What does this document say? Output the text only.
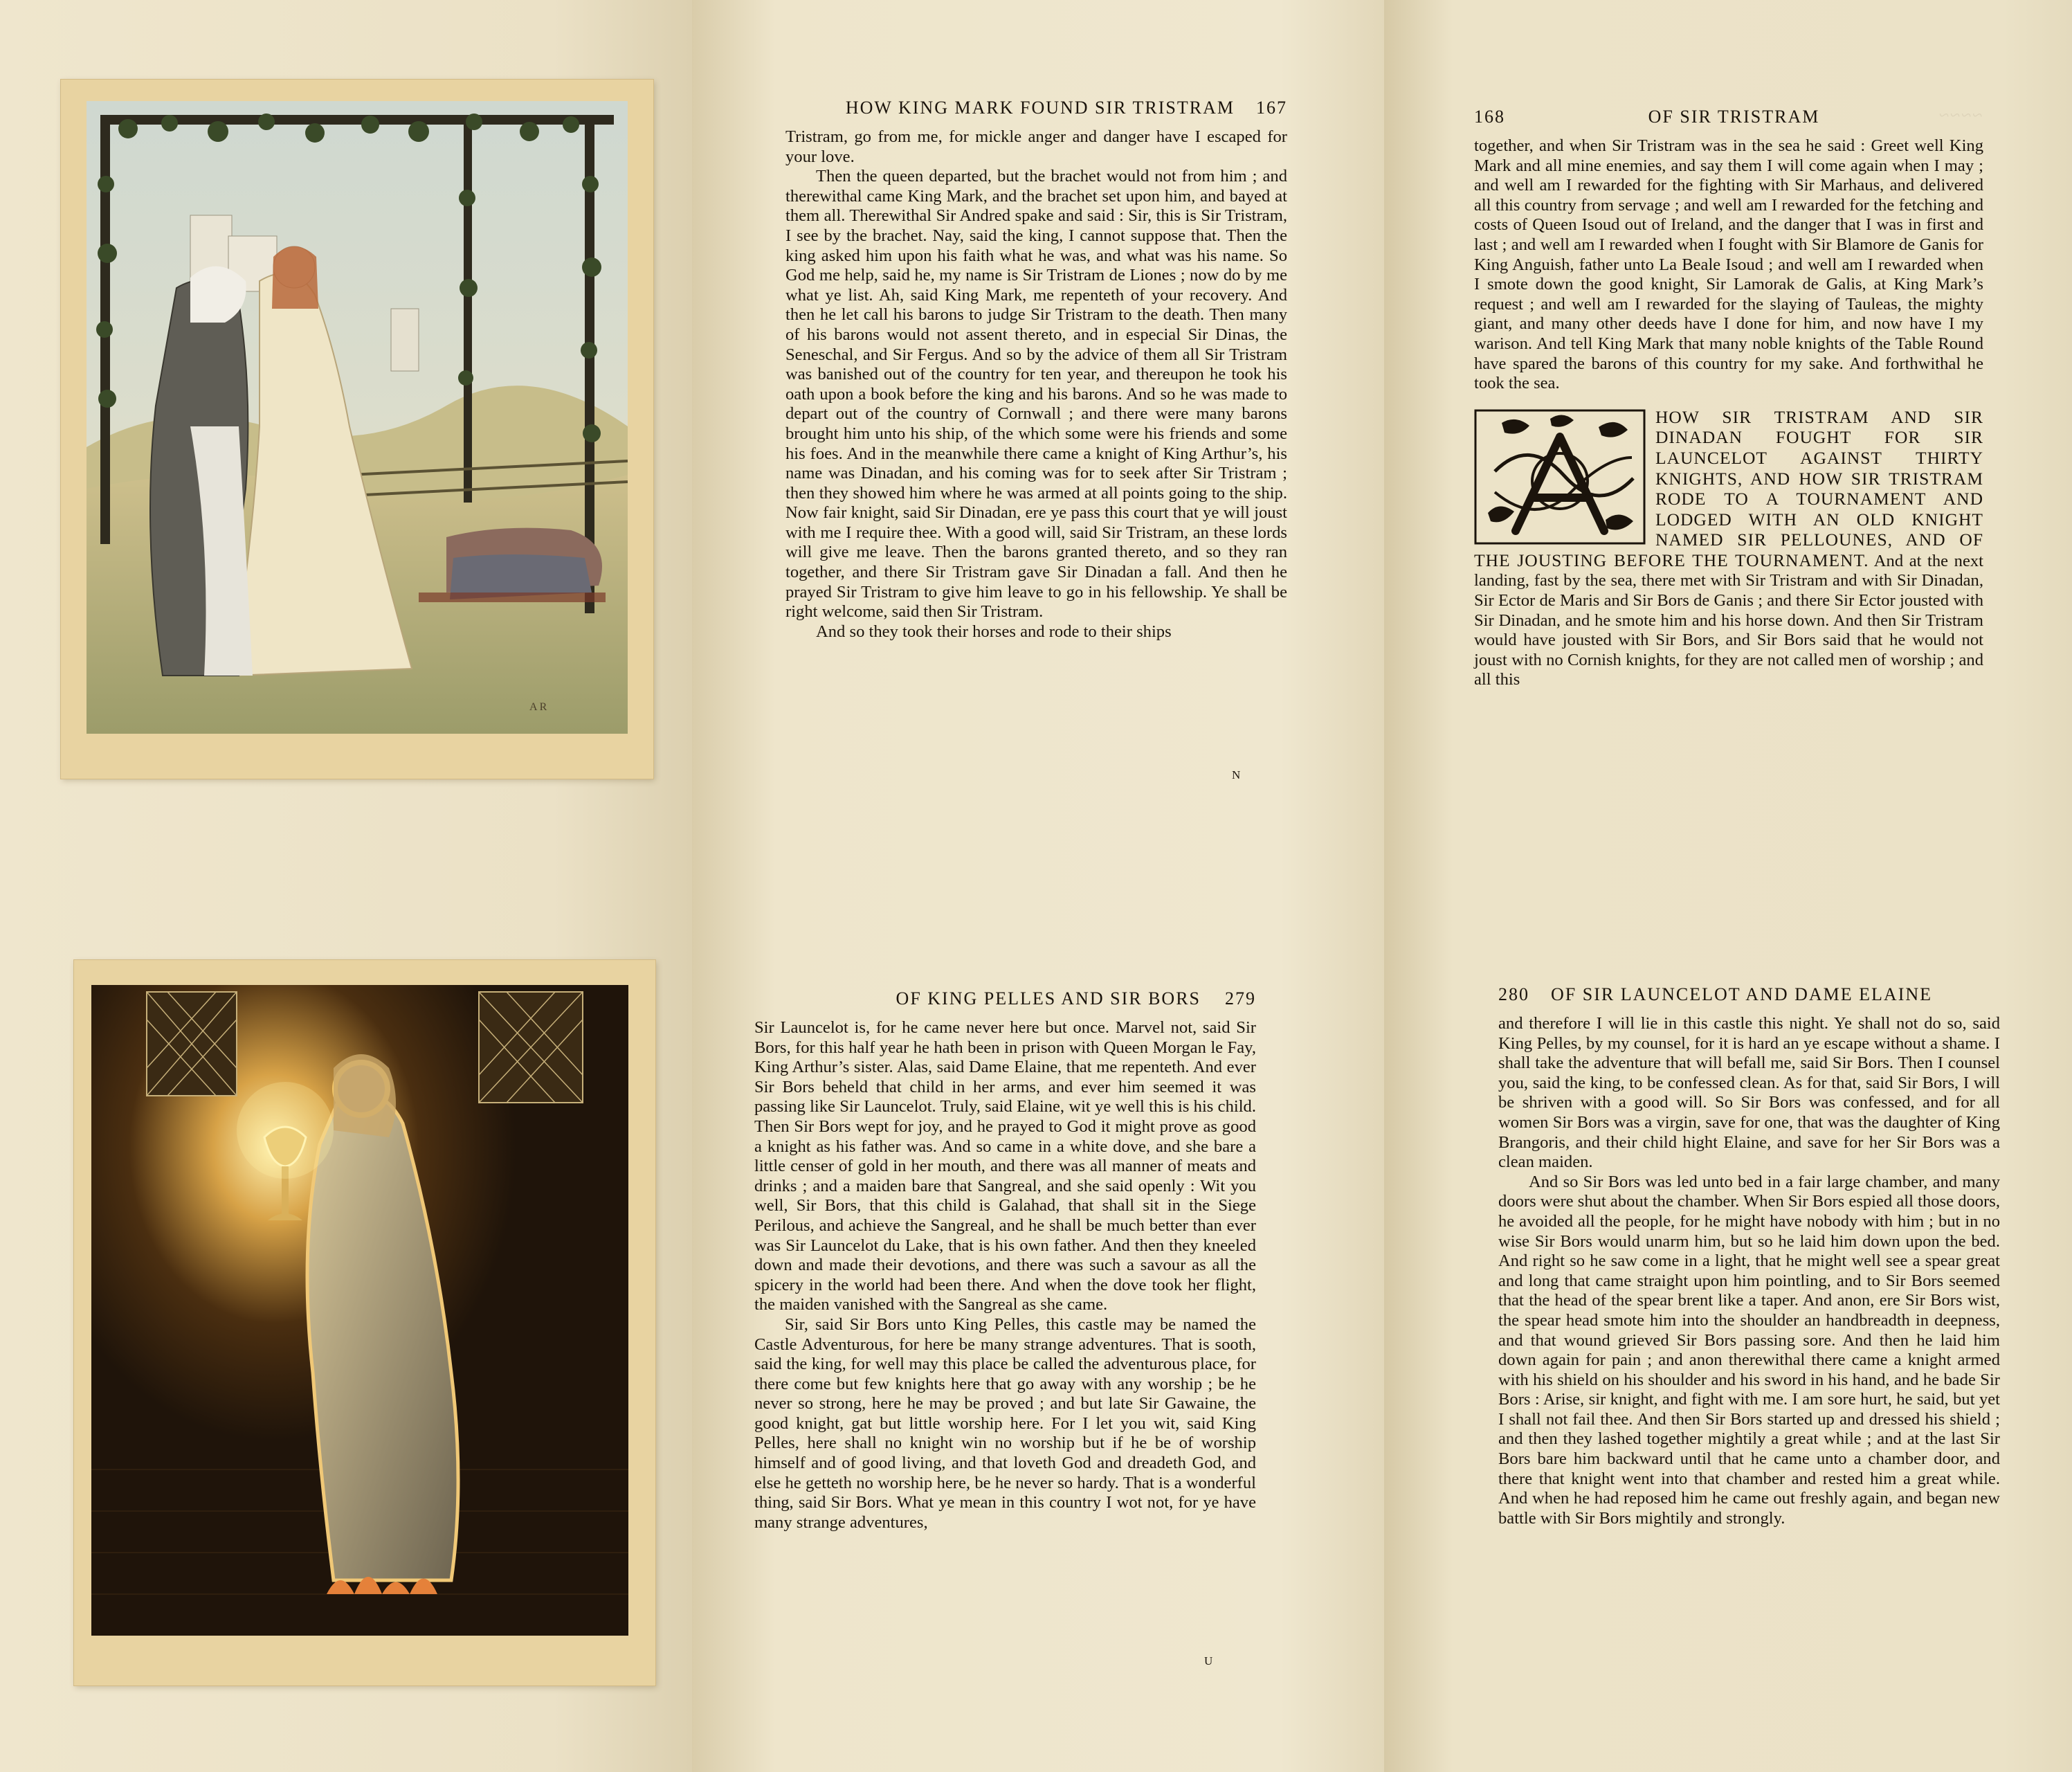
A R
HOW KING MARK FOUND SIR TRISTRAM 167

Tristram, go from me, for mickle anger and danger have I escaped for your love.

Then the queen departed, but the brachet would not from him ; and therewithal came King Mark, and the brachet set upon him, and bayed at them all. Therewithal Sir Andred spake and said : Sir, this is Sir Tristram, I see by the brachet. Nay, said the king, I cannot suppose that. Then the king asked him upon his faith what he was, and what was his name. So God me help, said he, my name is Sir Tristram de Liones ; now do by me what ye list. Ah, said King Mark, me repenteth of your recovery. And then he let call his barons to judge Sir Tristram to the death. Then many of his barons would not assent thereto, and in especial Sir Dinas, the Seneschal, and Sir Fergus. And so by the advice of them all Sir Tristram was banished out of the country for ten year, and thereupon he took his oath upon a book before the king and his barons. And so he was made to depart out of the country of Cornwall ; and there were many barons brought him unto his ship, of the which some were his friends and some his foes. And in the meanwhile there came a knight of King Arthur’s, his name was Dinadan, and his coming was for to seek after Sir Tristram ; then they showed him where he was armed at all points going to the ship. Now fair knight, said Sir Dinadan, ere ye pass this court that ye will joust with me I require thee. With a good will, said Sir Tristram, an these lords will give me leave. Then the barons granted thereto, and so they ran together, and there Sir Tristram gave Sir Dinadan a fall. And then he prayed Sir Tristram to give him leave to go in his fellowship. Ye shall be right welcome, said then Sir Tristram.

And so they took their horses and rode to their ships

N
168	OF SIR TRISTRAM

together, and when Sir Tristram was in the sea he said : Greet well King Mark and all mine enemies, and say them I will come again when I may ; and well am I rewarded for the fighting with Sir Marhaus, and delivered all this country from servage ; and well am I rewarded for the fetching and costs of Queen Isoud out of Ireland, and the danger that I was in first and last ; and well am I rewarded when I fought with Sir Blamore de Ganis for King Anguish, father unto La Beale Isoud ; and well am I rewarded when I smote down the good knight, Sir Lamorak de Galis, at King Mark’s request ; and well am I rewarded for the slaying of Tauleas, the mighty giant, and many other deeds have I done for him, and now have I my warison. And tell King Mark that many noble knights of the Table Round have spared the barons of this country for my sake. And forthwithal he took the sea.

HOW SIR TRISTRAM AND SIR DINADAN FOUGHT FOR SIR LAUNCELOT AGAINST THIRTY KNIGHTS, AND HOW SIR TRISTRAM RODE TO A TOURNAMENT AND LODGED WITH AN OLD KNIGHT NAMED SIR PELLOUNES, AND OF THE JOUSTING BEFORE THE TOURNAMENT. And at the next landing, fast by the sea, there met with Sir Tristram and with Sir Dinadan, Sir Ector de Maris and Sir Bors de Ganis ; and there Sir Ector jousted with Sir Dinadan, and he smote him and his horse down. And then Sir Tristram would have jousted with Sir Bors, and Sir Bors said that he would not joust with no Cornish knights, for they are not called men of worship ; and all this
~~~~
OF KING PELLES AND SIR BORS 279

Sir Launcelot is, for he came never here but once. Marvel not, said Sir Bors, for this half year he hath been in prison with Queen Morgan le Fay, King Arthur’s sister. Alas, said Dame Elaine, that me repenteth. And ever Sir Bors beheld that child in her arms, and ever him seemed it was passing like Sir Launcelot. Truly, said Elaine, wit ye well this is his child. Then Sir Bors wept for joy, and he prayed to God it might prove as good a knight as his father was. And so came in a white dove, and she bare a little censer of gold in her mouth, and there was all manner of meats and drinks ; and a maiden bare that Sangreal, and she said openly : Wit you well, Sir Bors, that this child is Galahad, that shall sit in the Siege Perilous, and achieve the Sangreal, and he shall be much better than ever was Sir Launcelot du Lake, that is his own father. And then they kneeled down and made their devotions, and there was such a savour as all the spicery in the world had been there. And when the dove took her flight, the maiden vanished with the Sangreal as she came.

Sir, said Sir Bors unto King Pelles, this castle may be named the Castle Adventurous, for here be many strange adventures. That is sooth, said the king, for well may this place be called the adventurous place, for there come but few knights here that go away with any worship ; be he never so strong, here he may be proved ; and but late Sir Gawaine, the good knight, gat but little worship here. For I let you wit, said King Pelles, here shall no knight win no worship but if he be of worship himself and of good living, and that loveth God and dreadeth God, and else he getteth no worship here, be he never so hardy. That is a wonderful thing, said Sir Bors. What ye mean in this country I wot not, for ye have many strange adventures,

U
280 OF SIR LAUNCELOT AND DAME ELAINE

and therefore I will lie in this castle this night. Ye shall not do so, said King Pelles, by my counsel, for it is hard an ye escape without a shame. I shall take the adventure that will befall me, said Sir Bors. Then I counsel you, said the king, to be confessed clean. As for that, said Sir Bors, I will be shriven with a good will. So Sir Bors was confessed, and for all women Sir Bors was a virgin, save for one, that was the daughter of King Brangoris, and their child hight Elaine, and save for her Sir Bors was a clean maiden.

And so Sir Bors was led unto bed in a fair large chamber, and many doors were shut about the chamber. When Sir Bors espied all those doors, he avoided all the people, for he might have nobody with him ; but in no wise Sir Bors would unarm him, but so he laid him down upon the bed. And right so he saw come in a light, that he might well see a spear great and long that came straight upon him pointling, and to Sir Bors seemed that the head of the spear brent like a taper. And anon, ere Sir Bors wist, the spear head smote him into the shoulder an handbreadth in deepness, and that wound grieved Sir Bors passing sore. And then he laid him down again for pain ; and anon therewithal there came a knight armed with his shield on his shoulder and his sword in his hand, and he bade Sir Bors : Arise, sir knight, and fight with me. I am sore hurt, he said, but yet I shall not fail thee. And then Sir Bors started up and dressed his shield ; and then they lashed together mightily a great while ; and at the last Sir Bors bare him backward until that he came unto a chamber door, and there that knight went into that chamber and rested him a great while. And when he had reposed him he came out freshly again, and began new battle with Sir Bors mightily and strongly.
